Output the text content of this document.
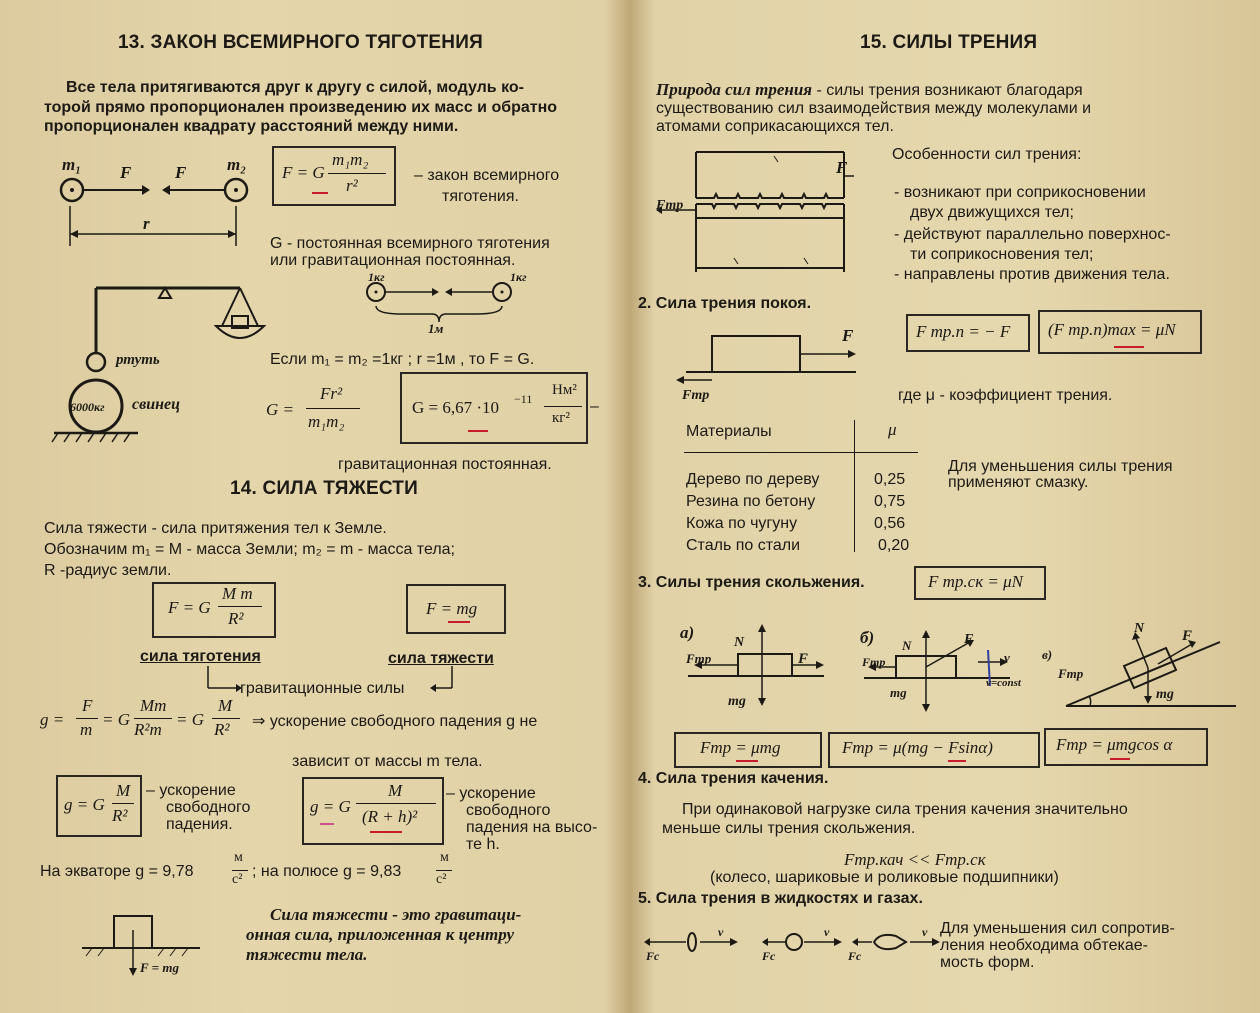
13. ЗАКОН ВСЕМИРНОГО ТЯГОТЕНИЯ
Все тела притягиваются друг к другу с силой, модуль ко-
торой прямо пропорционален произведению их масс и обратно
пропорционален квадрату расстояний между ними.
m₁	m₂
F	F
r
F = G
m₁m₂
r²
– закон всемирного
тяготения.
G - постоянная всемирного тяготения
или гравитационная постоянная.
1кг	1кг
1м
ртуть
6000кг свинец
Если m₁ = m₂ =1кг ; r =1м , то F = G.
G =
Fr²
m₁m₂
G = 6,67 ·10 −11
Нм²
кг²
–
гравитационная постоянная.
14. СИЛА ТЯЖЕСТИ
Сила тяжести - сила притяжения тел к Земле.
Обозначим m₁ = M - масса Земли; m₂ = m - масса тела;
R -радиус земли.
F = G
M m
R²
F = mg
сила тяготения	сила тяжести
гравитационные силы
g =
F
m
= G
Mm
R²m
= G
M
R² ⇒ ускорение свободного падения g не
зависит от массы m тела.
g = G
M
R²
– ускорение
свободного
падения.
g = G
M
(R + h)²
– ускорение
свободного
падения на высо-
те h.
На экваторе g = 9,78
м
с² ; на полюсе g = 9,83
м
с²
F = mg
Сила тяжести - это гравитаци-
онная сила, приложенная к центру
тяжести тела.
15. СИЛЫ ТРЕНИЯ
Природа сил трения - силы трения возникают благодаря
существованию сил взаимодействия между молекулами и
атомами соприкасающихся тел.
F
Fтр
Особенности сил трения:
- возникают при соприкосновении
двух движущихся тел;
- действуют параллельно поверхнос-
ти соприкосновения тел;
- направлены против движения тела.
2. Сила трения покоя.
F
Fтр
F тр.п = − F (F тр.п)max = μN
где μ - коэффициент трения.
Материалы	μ
Дерево по дереву	0,25
Резина по бетону	0,75
Кожа по чугуну	0,56
Сталь по стали	0,20
Для уменьшения силы трения
применяют смазку.
3. Силы трения скольжения.	F тр.ск = μN
а)
N
F
Fтр
mg
б) N	F
Fтр	v
v=const
mg
в)
N	F
Fтр
mg
Fтр = μmg	Fтр = μ(mg − Fsinα)	Fтр = μmgcos α
4. Сила трения качения.
При одинаковой нагрузке сила трения качения значительно
меньше силы трения скольжения.
Fтр.кач << Fтр.ск
(колесо, шариковые и роликовые подшипники)
5. Сила трения в жидкостях и газах.
Fс
v
Fс
v
Fс
v Для уменьшения сил сопротив-
ления необходима обтекае-
мость форм.
